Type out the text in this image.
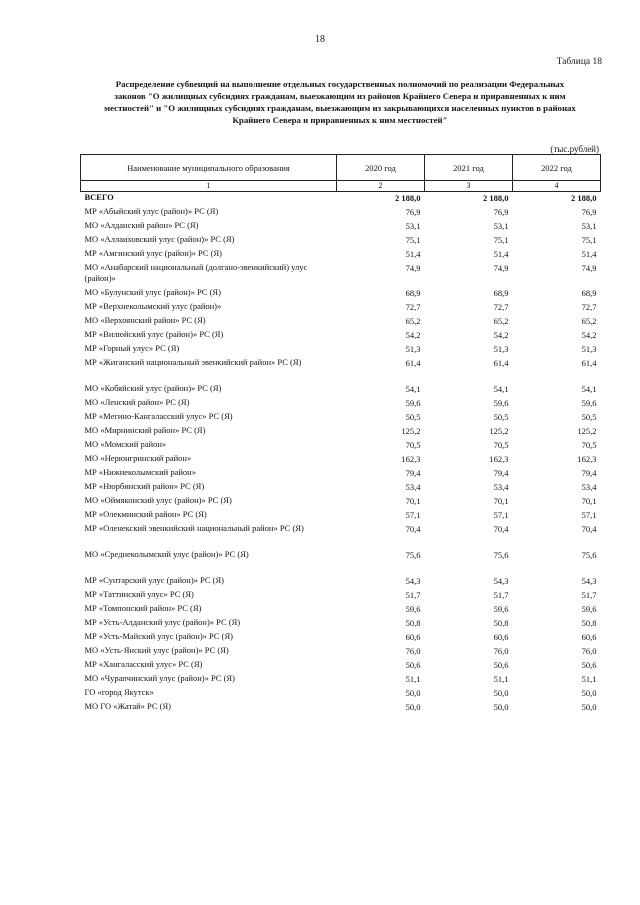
18
Таблица 18
Распределение субвенций на выполнение отдельных государственных полномочий по реализации Федеральных
законов "О жилищных субсидиях гражданам, выезжающим из районов Крайнего Севера и приравненных к ним
местностей" и "О жилищных субсидиях гражданам, выезжающим из закрывающихся населенных пунктов в районах
Крайнего Севера и приравненных к ним местностей"
(тыс.рублей)
Наименование муниципального образования	2020 год	2021 год	2022 год
1	2	3	4
ВСЕГО	2 188,0	2 188,0	2 188,0
МР «Абыйский улус (район)» РС (Я)	76,9	76,9	76,9
МО «Алданский район» РС (Я)	53,1	53,1	53,1
МО «Аллаиховский улус (район)» РС (Я)	75,1	75,1	75,1
МР «Амгинский улус (район)» РС (Я)	51,4	51,4	51,4
МО «Анабарский национальный (долгано-эвенкийский) улус (район)»	74,9	74,9	74,9
МО «Булунский улус (район)» РС (Я)	68,9	68,9	68,9
МР «Верхнеколымский улус (район)»	72,7	72,7	72,7
МО «Верхоянский район» РС (Я)	65,2	65,2	65,2
МР «Вилюйский улус (район)» РС (Я)	54,2	54,2	54,2
МР «Горный улус» РС (Я)	51,3	51,3	51,3
МР «Жиганский национальный эвенкийский район» РС (Я)	61,4	61,4	61,4

МО «Кобяйский улус (район)» РС (Я)	54,1	54,1	54,1
МО «Ленский район» РС (Я)	59,6	59,6	59,6
МР «Мегино-Кангаласский улус» РС (Я)	50,5	50,5	50,5
МО «Мирнинский район» РС (Я)	125,2	125,2	125,2
МО «Момский район»	70,5	70,5	70,5
МО «Нерюнгринский район»	162,3	162,3	162,3
МР «Нижнеколымский район»	79,4	79,4	79,4
МР «Нюрбинский район» РС (Я)	53,4	53,4	53,4
МО «Оймяконский улус (район)» РС (Я)	70,1	70,1	70,1
МР «Олекминский район» РС (Я)	57,1	57,1	57,1
МР «Оленекский эвенкийский национальный район» РС (Я)	70,4	70,4	70,4

МО «Среднеколымский улус (район)» РС (Я)	75,6	75,6	75,6

МР «Сунтарский улус (район)» РС (Я)	54,3	54,3	54,3
МР «Таттинский улус» РС (Я)	51,7	51,7	51,7
МР «Томпонский район» РС (Я)	59,6	59,6	59,6
МР «Усть-Алданский улус (район)» РС (Я)	50,8	50,8	50,8
МР «Усть-Майский улус (район)» РС (Я)	60,6	60,6	60,6
МО «Усть-Янский улус (район)» РС (Я)	76,0	76,0	76,0
МР «Хангаласский улус» РС (Я)	50,6	50,6	50,6
МО «Чурапчинский улус (район)» РС (Я)	51,1	51,1	51,1
ГО «город Якутск»	50,0	50,0	50,0
МО ГО «Жатай» РС (Я)	50,0	50,0	50,0
